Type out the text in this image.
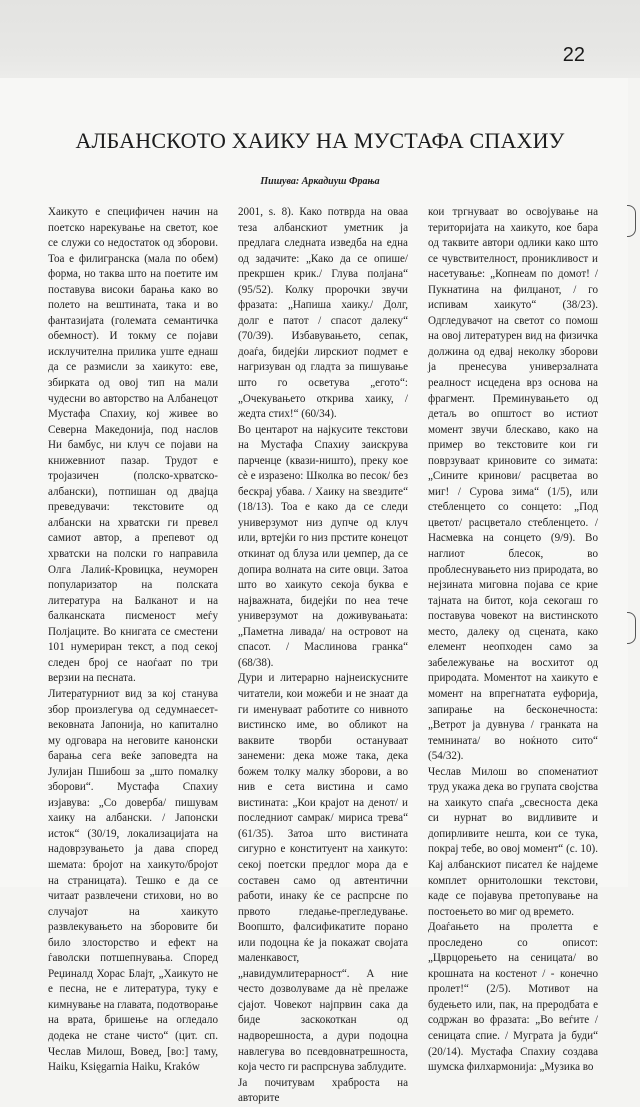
22
АЛБАНСКОТО ХАИКУ НА МУСТАФА СПАХИУ
Пишува: Аркадиуш Фрања

Хаикуто е специфичен начин на поетско нарекување на светот, кое се служи со недостаток од зборови. Тоа е филигранска (мала по обем) форма, но таква што на поетите им поставува високи барања како во полето на вештината, така и во фантазијата (големата семантичка обемност). И токму се појави исклучителна прилика уште еднаш да се размисли за хаикуто: еве, збирката од овој тип на мали чудесни во авторство на Албанецот Мустафа Спахиу, кој живее во Северна Македонија, под наслов Ни бамбус, ни клуч се појави на книжевниот пазар. Трудот е тројазичен (полско-хрватско-албански), потпишан од двајца преведувачи: текстовите од албански на хрватски ги превел самиот автор, а препевот од хрватски на полски го направила Олга Лалиќ-Кровицка, неуморен популаризатор на полската литература на Балканот и на балканската писменост меѓу Полјаците. Во книгата се сместени 101 нумериран текст, а под секој следен број се наоѓаат по три верзии на песната.

Литературниот вид за кој станува збор произлегува од седумнаесет-вековната Јапонија, но капитално му одговара на неговите канонски барања сега веќе заповедта на Јулијан Пшибош за „што помалку зборови“. Мустафа Спахиу изјавува: „Со доверба/ пишувам хаику на албански. / Јапонски исток“ (30/19, локализацијата на надоврзувањето ја дава според шемата: бројот на хаикуто/бројот на страницата). Тешко е да се читаат развлечени стихови, но во случајот на хаикуто развлекувањето на зборовите би било злосторство и ефект на ѓаволски потшепнувања. Според Реџиналд Хорас Блајт, „Хаикуто не е песна, не е литература, туку е кимнување на главата, подотворање на врата, бришење на огледало додека не стане чисто“ (цит. сп. Чеслав Милош, Вовед, [во:] таму, Haiku, Księgarnia Haiku, Kraków

2001, s. 8). Како потврда на оваа теза албанскиот уметник ја предлага следната изведба на една од задачите: „Како да се опише/ прекршен крик./ Глува полјана“ (95/52). Колку пророчки звучи фразата: „Напиша хаику./ Долг, долг е патот / спасот далеку“ (70/39). Избавувањето, сепак, доаѓа, бидејќи лирскиот подмет е нагризуван од гладта за пишување што го осветува „егото“: „Очекувањето открива хаику, / жедта стих!“ (60/34).

Во центарот на најкусите текстови на Мустафа Спахиу заискрува парченце (квази-ништо), преку кое сѐ е изразено: Школка во песок/ без бескрај убава. / Хаику на ѕвездите“ (18/13). Тоа е како да се следи универзумот низ дупче од клуч или, вртејќи го низ прстите конецот откинат од блуза или џемпер, да се допира волната на сите овци. Затоа што во хаикуто секоја буква е најважната, бидејќи по неа тече универзумот на доживувањата: „Паметна ливада/ на островот на спасот. / Маслинова гранка“ (68/38).

Дури и литерарно најнеискусните читатели, кои можеби и не знаат да ги именуваат работите со нивното вистинско име, во обликот на ваквите творби остануваат занемени: дека може така, дека божем толку малку зборови, а во нив е сета вистина и само вистината: „Кои крајот на денот/ и последниот самрак/ мириса трева“ (61/35). Затоа што вистината сигурно е конституент на хаикуто: секој поетски предлог мора да е составен само од автентични работи, инаку ќе се распрсне по првото гледање-прегледување. Воопшто, фалсификатите порано или подоцна ќе ја покажат својата маленкавост, „навидумлитерарност“. А ние често дозволуваме да нѐ прелаже сјајот. Човекот најпрвин сака да биде заскокоткан од надворешноста, а дури подоцна навлегува во псевдовнатрешноста, која често ги распрснува заблудите.

Ја почитувам храброста на авторите

кои тргнуваат во освојување на територијата на хаикуто, кое бара од таквите автори одлики како што се чувствителност, проникливост и насетување: „Копнеам по домот! / Пукнатина на филџанот, / го испивам хаикуто“ (38/23). Одгледувачот на светот со помош на овој литературен вид на физичка должина од едвај неколку зборови ја пренесува универзалната реалност исцедена врз основа на фрагмент. Преминувањето од детаљ во општост во истиот момент звучи блескаво, како на пример во текстовите кои ги поврзуваат криновите со зимата: „Сините кринови/ расцветаа во миг! / Сурова зима“ (1/5), или стебленцето со сонцето: „Под цветот/ расцветало стебленцето. / Насмевка на сонцето (9/9). Во наглиот блесок, во проблеснувањето низ природата, во нејзината миговна појава се крие тајната на битот, која секогаш го поставува човекот на вистинското место, далеку од сцената, како елемент неопходен само за забележување на восхитот од природата. Моментот на хаикуто е момент на впрегнатата еуфорија, запирање на бесконечноста: „Ветрот ја дувнува / гранката на темнината/ во ноќното сито“ (54/32).

Чеслав Милош во споменатиот труд укажа дека во групата својства на хаикуто спаѓа „свесноста дека си нурнат во видливите и допирливите нешта, кои се тука, покрај тебе, во овој момент“ (с. 10). Кај албанскиот писател ќе најдеме комплет орнитолошки текстови, каде се појавува претопување на постоењето во миг од времето.

Доаѓањето на пролетта е проследено со описот: „Цврцорењето на сеницата/ во крошната на костенот / - конечно пролет!“ (2/5). Мотивот на будењето или, пак, на преродбата е содржан во фразата: „Во веѓите / сеницата спие. / Мугрaта ја буди“ (20/14). Мустафа Спахиу создава шумска филхармонија: „Музика во
